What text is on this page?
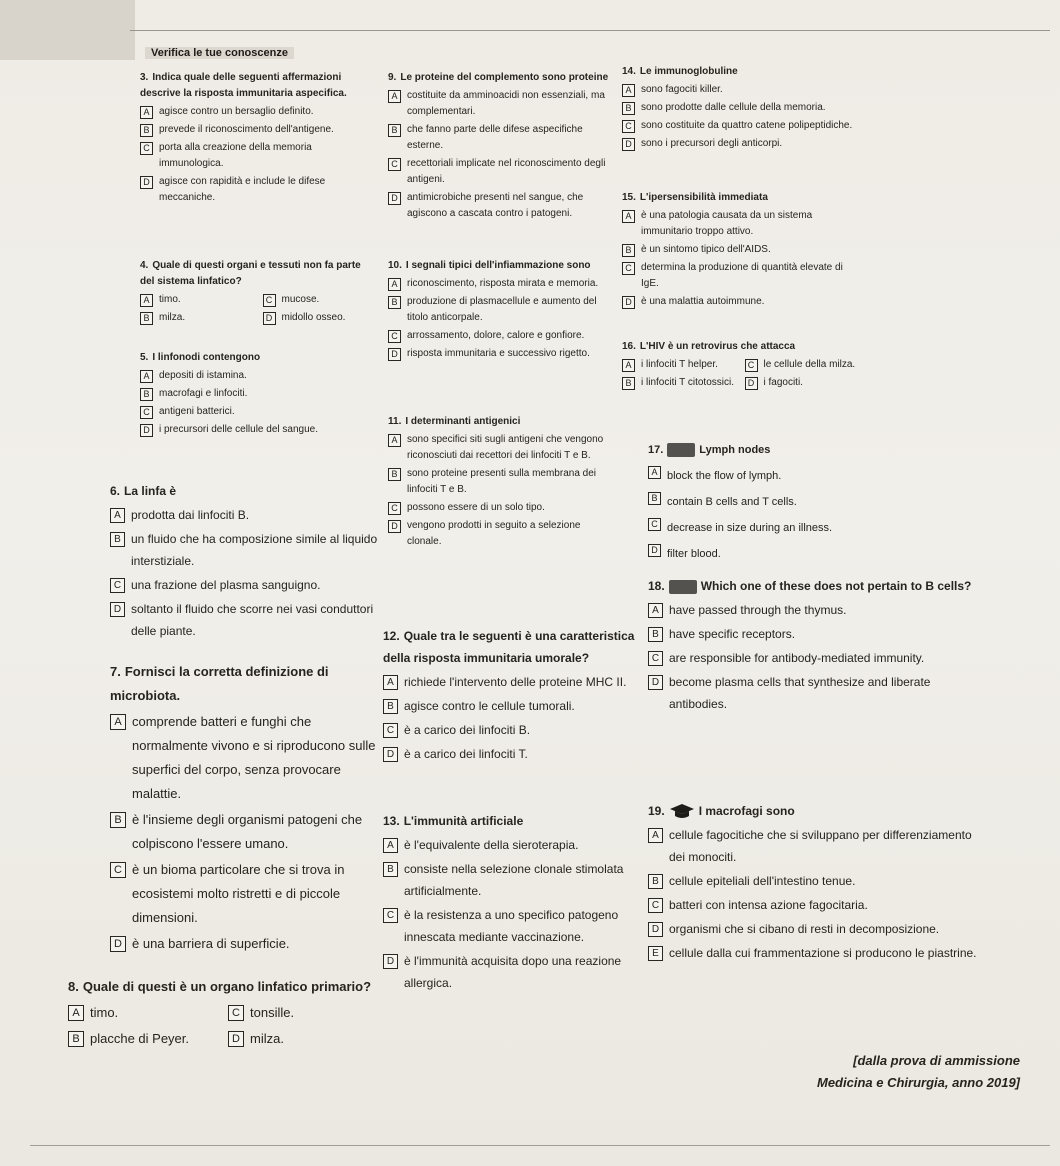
Verifica le tue conoscenze
3. Indica quale delle seguenti affermazioni descrive la risposta immunitaria aspecifica.
A agisce contro un bersaglio definito.
B prevede il riconoscimento dell'antigene.
C porta alla creazione della memoria immunologica.
D agisce con rapidità e include le difese meccaniche.
4. Quale di questi organi e tessuti non fa parte del sistema linfatico?
A timo.	C mucose.
B milza.	D midollo osseo.
5. I linfonodi contengono
A depositi di istamina.
B macrofagi e linfociti.
C antigeni batterici.
D i precursori delle cellule del sangue.
6. La linfa è
A prodotta dai linfociti B.
B un fluido che ha composizione simile al liquido interstiziale.
C una frazione del plasma sanguigno.
D soltanto il fluido che scorre nei vasi conduttori delle piante.
7. Fornisci la corretta definizione di microbiota.
A comprende batteri e funghi che normalmente vivono e si riproducono sulle superfici del corpo, senza provocare malattie.
B è l'insieme degli organismi patogeni che colpiscono l'essere umano.
C è un bioma particolare che si trova in ecosistemi molto ristretti e di piccole dimensioni.
D è una barriera di superficie.
8. Quale di questi è un organo linfatico primario?
A timo.	C tonsille.
B placche di Peyer.	D milza.
9. Le proteine del complemento sono proteine
A costituite da amminoacidi non essenziali, ma complementari.
B che fanno parte delle difese aspecifiche esterne.
C recettoriali implicate nel riconoscimento degli antigeni.
D antimicrobiche presenti nel sangue, che agiscono a cascata contro i patogeni.
10. I segnali tipici dell'infiammazione sono
A riconoscimento, risposta mirata e memoria.
B produzione di plasmacellule e aumento del titolo anticorpale.
C arrossamento, dolore, calore e gonfiore.
D risposta immunitaria e successivo rigetto.
11. I determinanti antigenici
A sono specifici siti sugli antigeni che vengono riconosciuti dai recettori dei linfociti T e B.
B sono proteine presenti sulla membrana dei linfociti T e B.
C possono essere di un solo tipo.
D vengono prodotti in seguito a selezione clonale.
12. Quale tra le seguenti è una caratteristica della risposta immunitaria umorale?
A richiede l'intervento delle proteine MHC II.
B agisce contro le cellule tumorali.
C è a carico dei linfociti B.
D è a carico dei linfociti T.
13. L'immunità artificiale
A è l'equivalente della sieroterapia.
B consiste nella selezione clonale stimolata artificialmente.
C è la resistenza a uno specifico patogeno innescata mediante vaccinazione.
D è l'immunità acquisita dopo una reazione allergica.
14. Le immunoglobuline
A sono fagociti killer.
B sono prodotte dalle cellule della memoria.
C sono costituite da quattro catene polipeptidiche.
D sono i precursori degli anticorpi.
15. L'ipersensibilità immediata
A è una patologia causata da un sistema immunitario troppo attivo.
B è un sintomo tipico dell'AIDS.
C determina la produzione di quantità elevate di IgE.
D è una malattia autoimmune.
16. L'HIV è un retrovirus che attacca
A i linfociti T helper.	C le cellule della milza.
B i linfociti T citotossici.	D i fagociti.
17.	Lymph nodes
A block the flow of lymph.
B contain B cells and T cells.
C decrease in size during an illness.
D filter blood.
18.	Which one of these does not pertain to B cells?
A have passed through the thymus.
B have specific receptors.
C are responsible for antibody-mediated immunity.
D become plasma cells that synthesize and liberate antibodies.
19.	I macrofagi sono
A cellule fagocitiche che si sviluppano per differenziamento dei monociti.
B cellule epiteliali dell'intestino tenue.
C batteri con intensa azione fagocitaria.
D organismi che si cibano di resti in decomposizione.
E cellule dalla cui frammentazione si producono le piastrine.
[dalla prova di ammissione
Medicina e Chirurgia, anno 2019]
